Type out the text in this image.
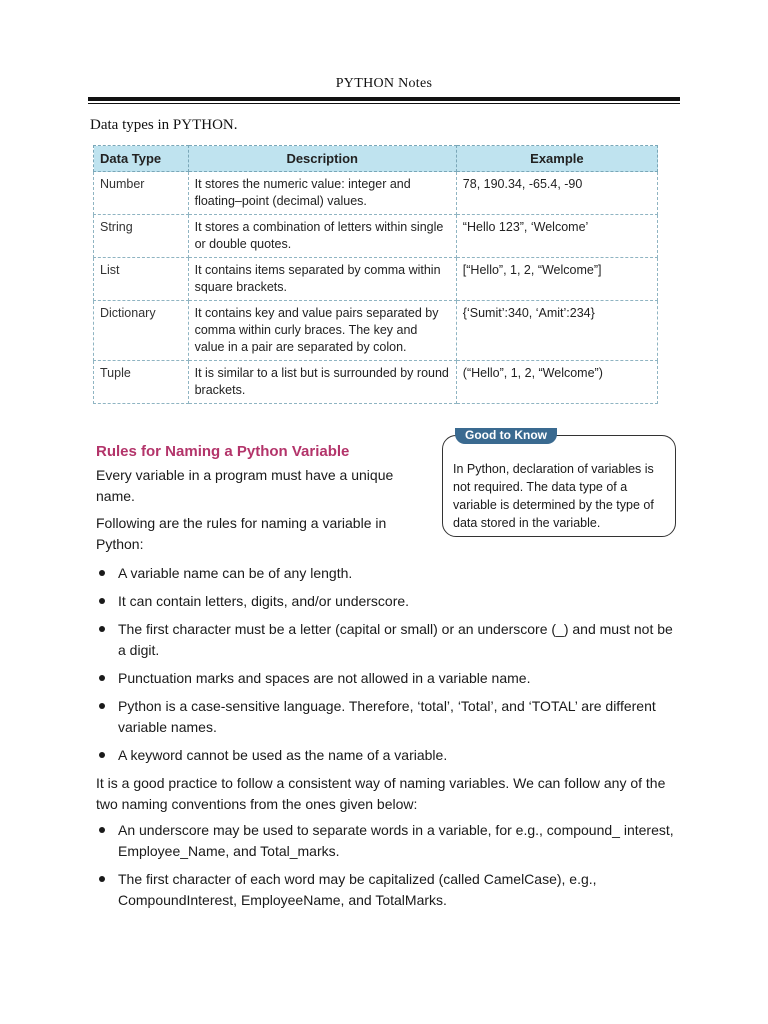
PYTHON Notes
Data types in PYTHON.
Data Type	Description	Example
Number	It stores the numeric value: integer and floating–point (decimal) values.	78, 190.34, -65.4, -90
String	It stores a combination of letters within single or double quotes.	“Hello 123”, ‘Welcome’
List	It contains items separated by comma within square brackets.	[“Hello”, 1, 2, “Welcome”]
Dictionary	It contains key and value pairs separated by comma within curly braces. The key and value in a pair are separated by colon.	{‘Sumit’:340, ‘Amit’:234}
Tuple	It is similar to a list but is surrounded by round brackets.	(“Hello”, 1, 2, “Welcome”)
Rules for Naming a Python Variable
Every variable in a program must have a unique name.
Following are the rules for naming a variable in Python:
Good to Know
In Python, declaration of variables is not required. The data type of a variable is determined by the type of data stored in the variable.
A variable name can be of any length.
It can contain letters, digits, and/or underscore.
The first character must be a letter (capital or small) or an underscore (_) and must not be a digit.
Punctuation marks and spaces are not allowed in a variable name.
Python is a case-sensitive language. Therefore, ‘total’, ‘Total’, and ‘TOTAL’ are different variable names.
A keyword cannot be used as the name of a variable.
It is a good practice to follow a consistent way of naming variables. We can follow any of the two naming conventions from the ones given below:
An underscore may be used to separate words in a variable, for e.g., compound_ interest, Employee_Name, and Total_marks.
The first character of each word may be capitalized (called CamelCase), e.g., CompoundInterest, EmployeeName, and TotalMarks.
